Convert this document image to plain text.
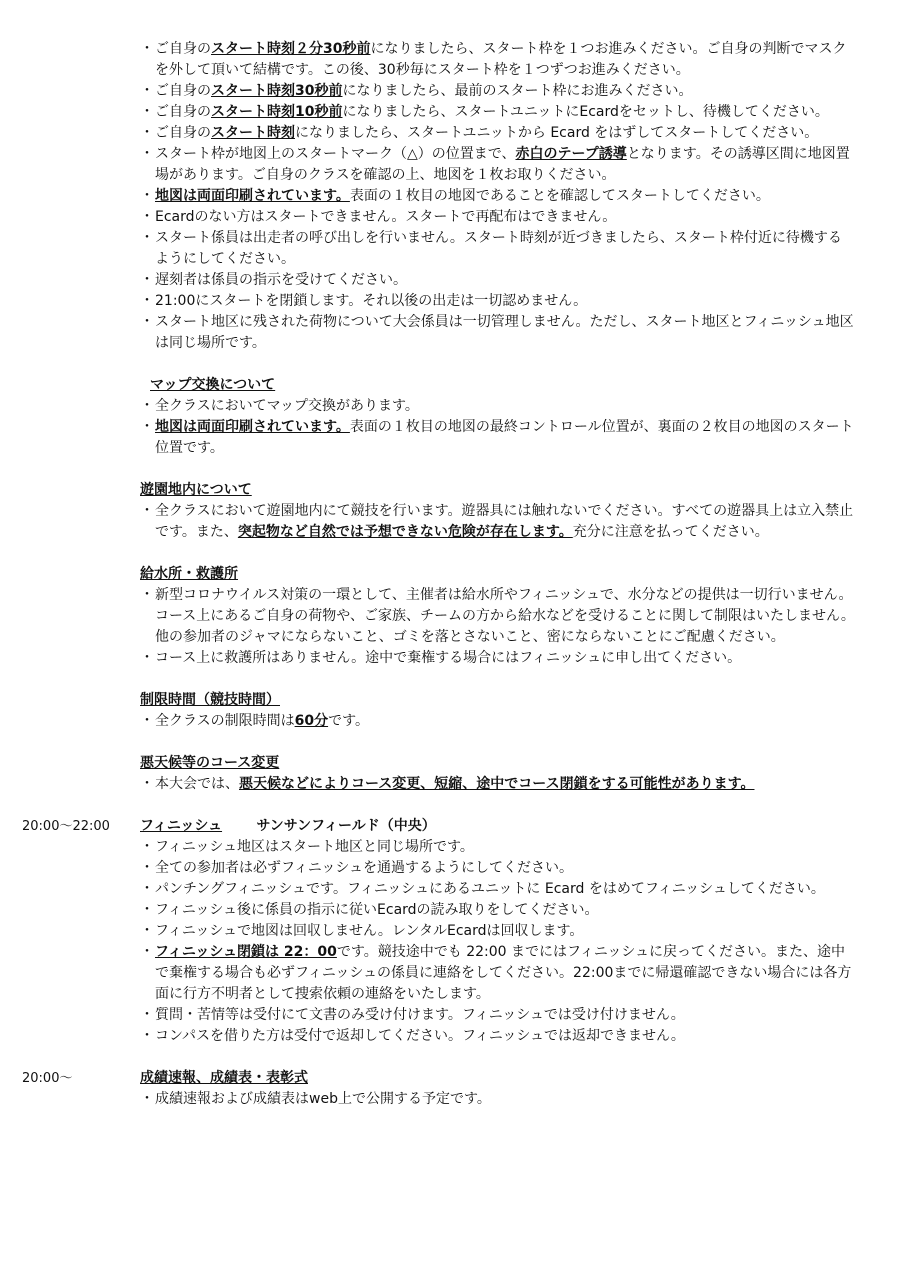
・ ご自身のスタート時刻２分30秒前になりましたら、スタート枠を１つお進みください。ご自身の判断でマスクを外して頂いて結構です。この後、30秒毎にスタート枠を１つずつお進みください。
・ ご自身のスタート時刻30秒前になりましたら、最前のスタート枠にお進みください。
・ ご自身のスタート時刻10秒前になりましたら、スタートユニットにEcardをセットし、待機してください。
・ ご自身のスタート時刻になりましたら、スタートユニットから Ecard をはずしてスタートしてください。
・ スタート枠が地図上のスタートマーク（△）の位置まで、赤白のテープ誘導となります。その誘導区間に地図置場があります。ご自身のクラスを確認の上、地図を１枚お取りください。
・ 地図は両面印刷されています。表面の１枚目の地図であることを確認してスタートしてください。
・ Ecardのない方はスタートできません。スタートで再配布はできません。
・ スタート係員は出走者の呼び出しを行いません。スタート時刻が近づきましたら、スタート枠付近に待機するようにしてください。
・ 遅刻者は係員の指示を受けてください。
・ 21:00にスタートを閉鎖します。それ以後の出走は一切認めません。
・ スタート地区に残された荷物について大会係員は一切管理しません。ただし、スタート地区とフィニッシュ地区は同じ場所です。
マップ交換について
・ 全クラスにおいてマップ交換があります。
・ 地図は両面印刷されています。表面の１枚目の地図の最終コントロール位置が、裏面の２枚目の地図のスタート位置です。
遊園地内について
・ 全クラスにおいて遊園地内にて競技を行います。遊器具には触れないでください。すべての遊器具上は立入禁止です。また、突起物など自然では予想できない危険が存在します。充分に注意を払ってください。
給水所・救護所
・ 新型コロナウイルス対策の一環として、主催者は給水所やフィニッシュで、水分などの提供は一切行いません。コース上にあるご自身の荷物や、ご家族、チームの方から給水などを受けることに関して制限はいたしません。他の参加者のジャマにならないこと、ゴミを落とさないこと、密にならないことにご配慮ください。
・ コース上に救護所はありません。途中で棄権する場合にはフィニッシュに申し出てください。
制限時間（競技時間）
・ 全クラスの制限時間は60分です。
悪天候等のコース変更
・ 本大会では、悪天候などによりコース変更、短縮、途中でコース閉鎖をする可能性があります。
フィニッシュ サンサンフィールド（中央）
・ フィニッシュ地区はスタート地区と同じ場所です。
・ 全ての参加者は必ずフィニッシュを通過するようにしてください。
・ パンチングフィニッシュです。フィニッシュにあるユニットに Ecard をはめてフィニッシュしてください。
・ フィニッシュ後に係員の指示に従いEcardの読み取りをしてください。
・ フィニッシュで地図は回収しません。レンタルEcardは回収します。
・ フィニッシュ閉鎖は 22：00です。競技途中でも 22:00 までにはフィニッシュに戻ってください。また、途中で棄権する場合も必ずフィニッシュの係員に連絡をしてください。22:00までに帰還確認できない場合には各方面に行方不明者として捜索依頼の連絡をいたします。
・ 質問・苦情等は受付にて文書のみ受け付けます。フィニッシュでは受け付けません。
・ コンパスを借りた方は受付で返却してください。フィニッシュでは返却できません。
成績速報、成績表・表彰式
・ 成績速報および成績表はweb上で公開する予定です。
20:00～22:00
20:00～
